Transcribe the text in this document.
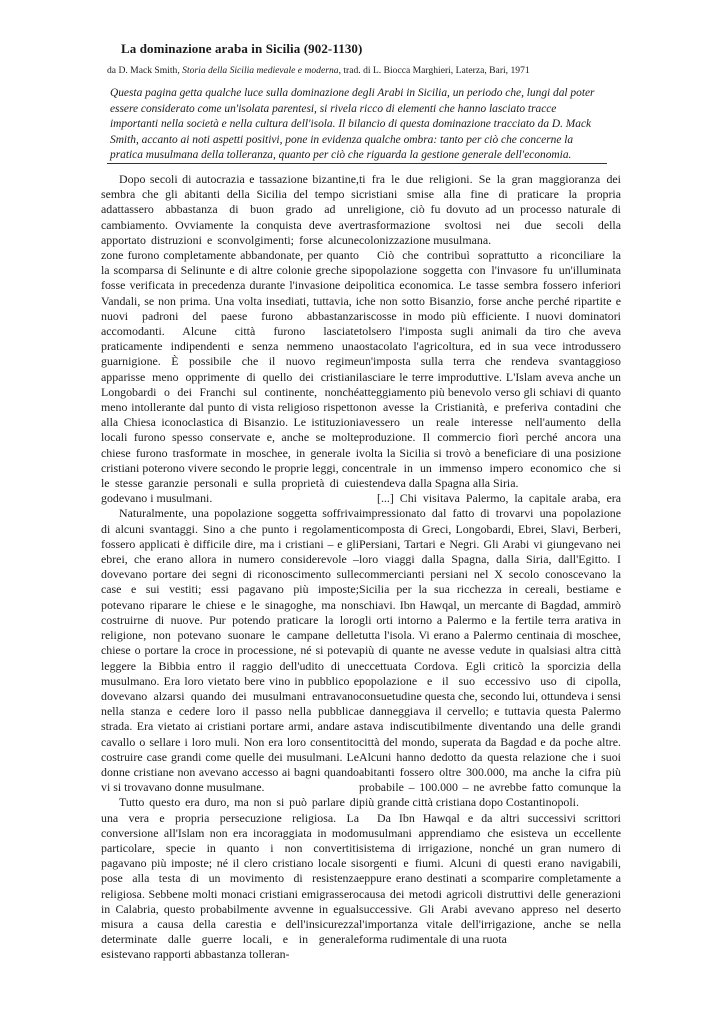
La dominazione araba in Sicilia (902-1130)
da D. Mack Smith, Storia della Sicilia medievale e moderna, trad. di L. Biocca Marghieri, Laterza, Bari, 1971

Questa pagina getta qualche luce sulla dominazione degli Arabi in Sicilia, un periodo che, lungi dal poter essere considerato come un'isolata parentesi, si rivela ricco di elementi che hanno lasciato tracce importanti nella società e nella cultura dell'isola. Il bilancio di questa dominazione tracciato da D. Mack Smith, accanto ai noti aspetti positivi, pone in evidenza qualche ombra: tanto per ciò che concerne la pratica musulmana della tolleranza, quanto per ciò che riguarda la gestione generale dell'economia.

Dopo secoli di autocrazia e tassazione bizantine, sembra che gli abitanti della Sicilia del tempo si adattassero abbastanza di buon grado ad un cambiamento. Ovviamente la conquista deve aver apportato distruzioni e sconvolgimenti; forse alcune zone furono completamente abbandonate, per quanto la scomparsa di Selinunte e di altre colonie greche si fosse verificata in precedenza durante l'invasione dei Vandali, se non prima. Una volta insediati, tuttavia, i nuovi padroni del paese furono abbastanza accomodanti. Alcune città furono lasciate praticamente indipendenti e senza nemmeno una guarnigione. È possibile che il nuovo regime apparisse meno opprimente di quello dei cristiani Longobardi o dei Franchi sul continente, nonché meno intollerante dal punto di vista religioso rispetto alla Chiesa iconoclastica di Bisanzio. Le istituzioni locali furono spesso conservate e, anche se molte chiese furono trasformate in moschee, in generale i cristiani poterono vivere secondo le proprie leggi, con le stesse garanzie personali e sulla proprietà di cui godevano i musulmani.

Naturalmente, una popolazione soggetta soffriva di alcuni svantaggi. Sino a che punto i regolamenti fossero applicati è difficile dire, ma i cristiani – e gli ebrei, che erano allora in numero considerevole – dovevano portare dei segni di riconoscimento sulle case e sui vestiti; essi pagavano più imposte; potevano riparare le chiese e le sinagoghe, ma non costruirne di nuove. Pur potendo praticare la loro religione, non potevano suonare le campane delle chiese o portare la croce in processione, né si poteva leggere la Bibbia entro il raggio dell'udito di un musulmano. Era loro vietato bere vino in pubblico e dovevano alzarsi quando dei musulmani entravano nella stanza e cedere loro il passo nella pubblica strada. Era vietato ai cristiani portare armi, andare a cavallo o sellare i loro muli. Non era loro consentito costruire case grandi come quelle dei musulmani. Le donne cristiane non avevano accesso ai bagni quando vi si trovavano donne musulmane.

Tutto questo era duro, ma non si può parlare di una vera e propria persecuzione religiosa. La conversione all'Islam non era incoraggiata in modo particolare, specie in quanto i non convertiti pagavano più imposte; né il clero cristiano locale si pose alla testa di un movimento di resistenza religiosa. Sebbene molti monaci cristiani emigrassero in Calabria, questo probabilmente avvenne in egual misura a causa della carestia e dell'insicurezza determinate dalle guerre locali, e in generale esistevano rapporti abbastanza tolleran-

ti fra le due religioni. Se la gran maggioranza dei cristiani smise alla fine di praticare la propria religione, ciò fu dovuto ad un processo naturale di trasformazione svoltosi nei due secoli della colonizzazione musulmana.

Ciò che contribuì soprattutto a riconciliare la popolazione soggetta con l'invasore fu un'illuminata politica economica. Le tasse sembra fossero inferiori che non sotto Bisanzio, forse anche perché ripartite e riscosse in modo più efficiente. I nuovi dominatori tolsero l'imposta sugli animali da tiro che aveva ostacolato l'agricoltura, ed in sua vece introdussero un'imposta sulla terra che rendeva svantaggioso lasciare le terre improduttive. L'Islam aveva anche un atteggiamento più benevolo verso gli schiavi di quanto non avesse la Cristianità, e preferiva contadini che avessero un reale interesse nell'aumento della produzione. Il commercio fiorì perché ancora una volta la Sicilia si trovò a beneficiare di una posizione centrale in un immenso impero economico che si estendeva dalla Spagna alla Siria.

[...] Chi visitava Palermo, la capitale araba, era impressionato dal fatto di trovarvi una popolazione composta di Greci, Longobardi, Ebrei, Slavi, Berberi, Persiani, Tartari e Negri. Gli Arabi vi giungevano nei loro viaggi dalla Spagna, dalla Siria, dall'Egitto. I commercianti persiani nel X secolo conoscevano la Sicilia per la sua ricchezza in cereali, bestiame e schiavi. Ibn Hawqal, un mercante di Bagdad, ammirò gli orti intorno a Palermo e la fertile terra arativa in tutta l'isola. Vi erano a Palermo centinaia di moschee, più di quante ne avesse vedute in qualsiasi altra città eccettuata Cordova. Egli criticò la sporcizia della popolazione e il suo eccessivo uso di cipolla, consuetudine questa che, secondo lui, ottundeva i sensi e danneggiava il cervello; e tuttavia questa Palermo stava indiscutibilmente diventando una delle grandi città del mondo, superata da Bagdad e da poche altre. Alcuni hanno dedotto da questa relazione che i suoi abitanti fossero oltre 300.000, ma anche la cifra più probabile – 100.000 – ne avrebbe fatto comunque la più grande città cristiana dopo Costantinopoli.

Da Ibn Hawqal e da altri successivi scrittori musulmani apprendiamo che esisteva un eccellente sistema di irrigazione, nonché un gran numero di sorgenti e fiumi. Alcuni di questi erano navigabili, eppure erano destinati a scomparire completamente a causa dei metodi agricoli distruttivi delle generazioni successive. Gli Arabi avevano appreso nel deserto l'importanza vitale dell'irrigazione, anche se nella forma rudimentale di una ruota
